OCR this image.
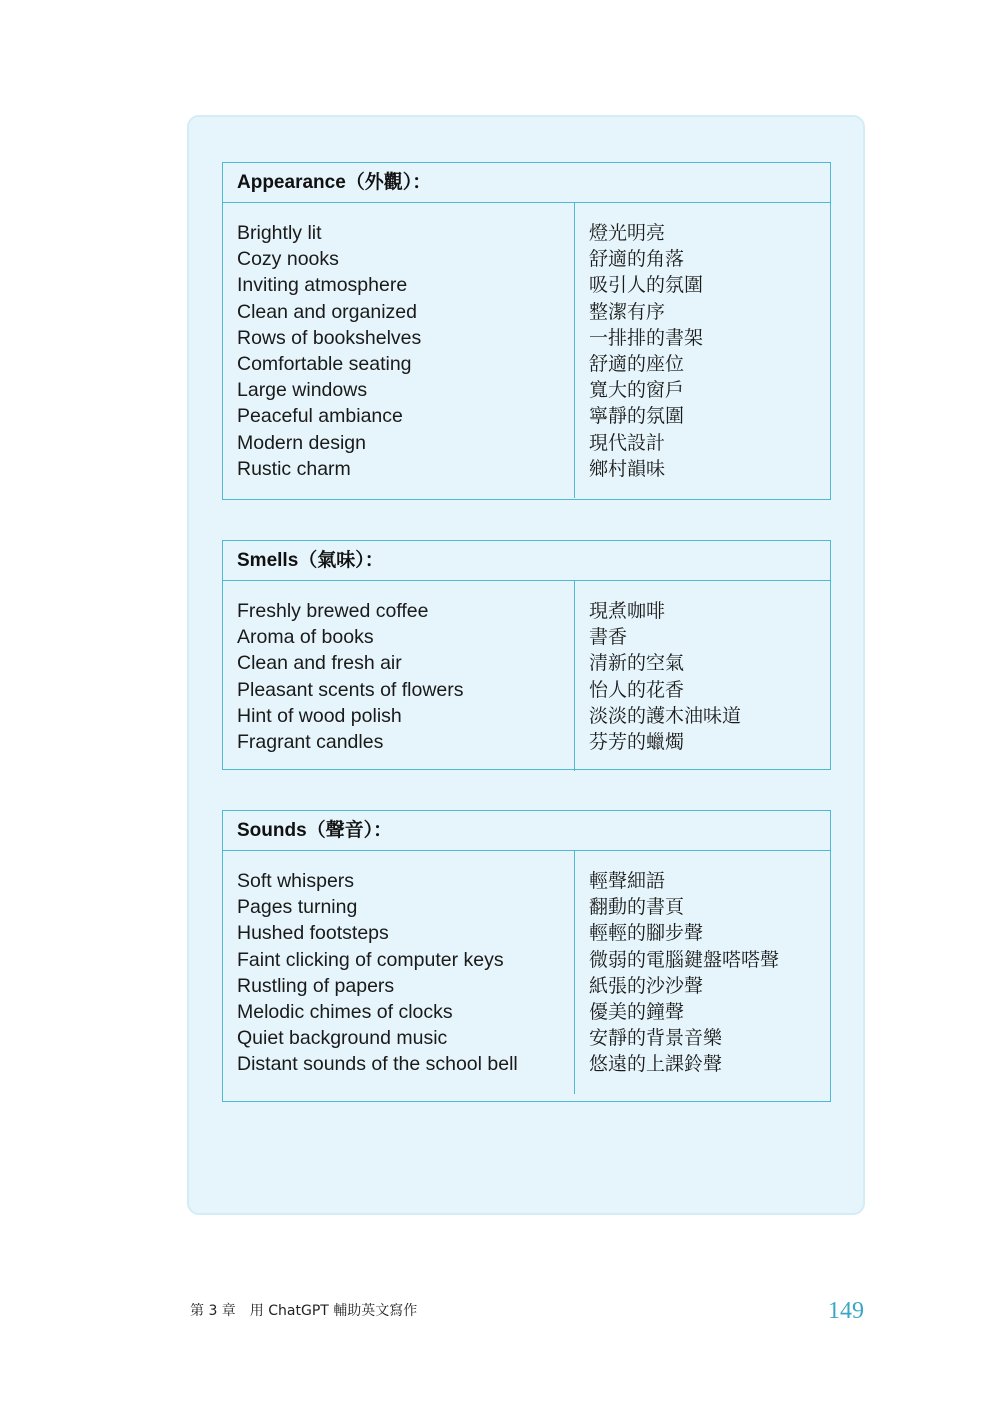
Appearance（外觀）：
Brightly lit
Cozy nooks
Inviting atmosphere
Clean and organized
Rows of bookshelves
Comfortable seating
Large windows
Peaceful ambiance
Modern design
Rustic charm
燈光明亮
舒適的角落
吸引人的氛圍
整潔有序
一排排的書架
舒適的座位
寬大的窗戶
寧靜的氛圍
現代設計
鄉村韻味
Smells（氣味）：
Freshly brewed coffee
Aroma of books
Clean and fresh air
Pleasant scents of flowers
Hint of wood polish
Fragrant candles
現煮咖啡
書香
清新的空氣
怡人的花香
淡淡的護木油味道
芬芳的蠟燭
Sounds（聲音）：
Soft whispers
Pages turning
Hushed footsteps
Faint clicking of computer keys
Rustling of papers
Melodic chimes of clocks
Quiet background music
Distant sounds of the school bell
輕聲細語
翻動的書頁
輕輕的腳步聲
微弱的電腦鍵盤嗒嗒聲
紙張的沙沙聲
優美的鐘聲
安靜的背景音樂
悠遠的上課鈴聲
第 3 章　用 ChatGPT 輔助英文寫作	149
